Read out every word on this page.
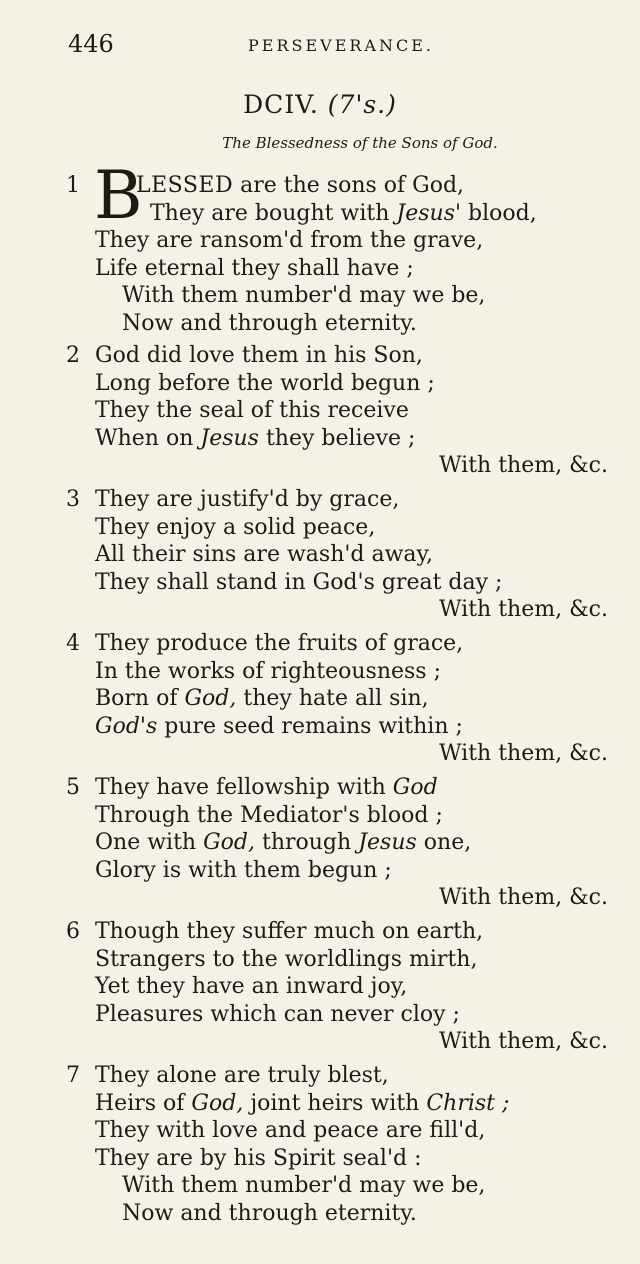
446	PERSEVERANCE.
DCIV. (7's.)
The Blessedness of the Sons of God.
B
1	LESSED are the sons of God,
They are bought with Jesus' blood,
They are ransom'd from the grave,
Life eternal they shall have ;
With them number'd may we be,
Now and through eternity.
2 God did love them in his Son,
Long before the world begun ;
They the seal of this receive
When on Jesus they believe ;
With them, &c.
3 They are justify'd by grace,
They enjoy a solid peace,
All their sins are wash'd away,
They shall stand in God's great day ;
With them, &c.
4 They produce the fruits of grace,
In the works of righteousness ;
Born of God, they hate all sin,
God's pure seed remains within ;
With them, &c.
5 They have fellowship with God
Through the Mediator's blood ;
One with God, through Jesus one,
Glory is with them begun ;
With them, &c.
6 Though they suffer much on earth,
Strangers to the worldlings mirth,
Yet they have an inward joy,
Pleasures which can never cloy ;
With them, &c.
7 They alone are truly blest,
Heirs of God, joint heirs with Christ ;
They with love and peace are fill'd,
They are by his Spirit seal'd :
With them number'd may we be,
Now and through eternity.
